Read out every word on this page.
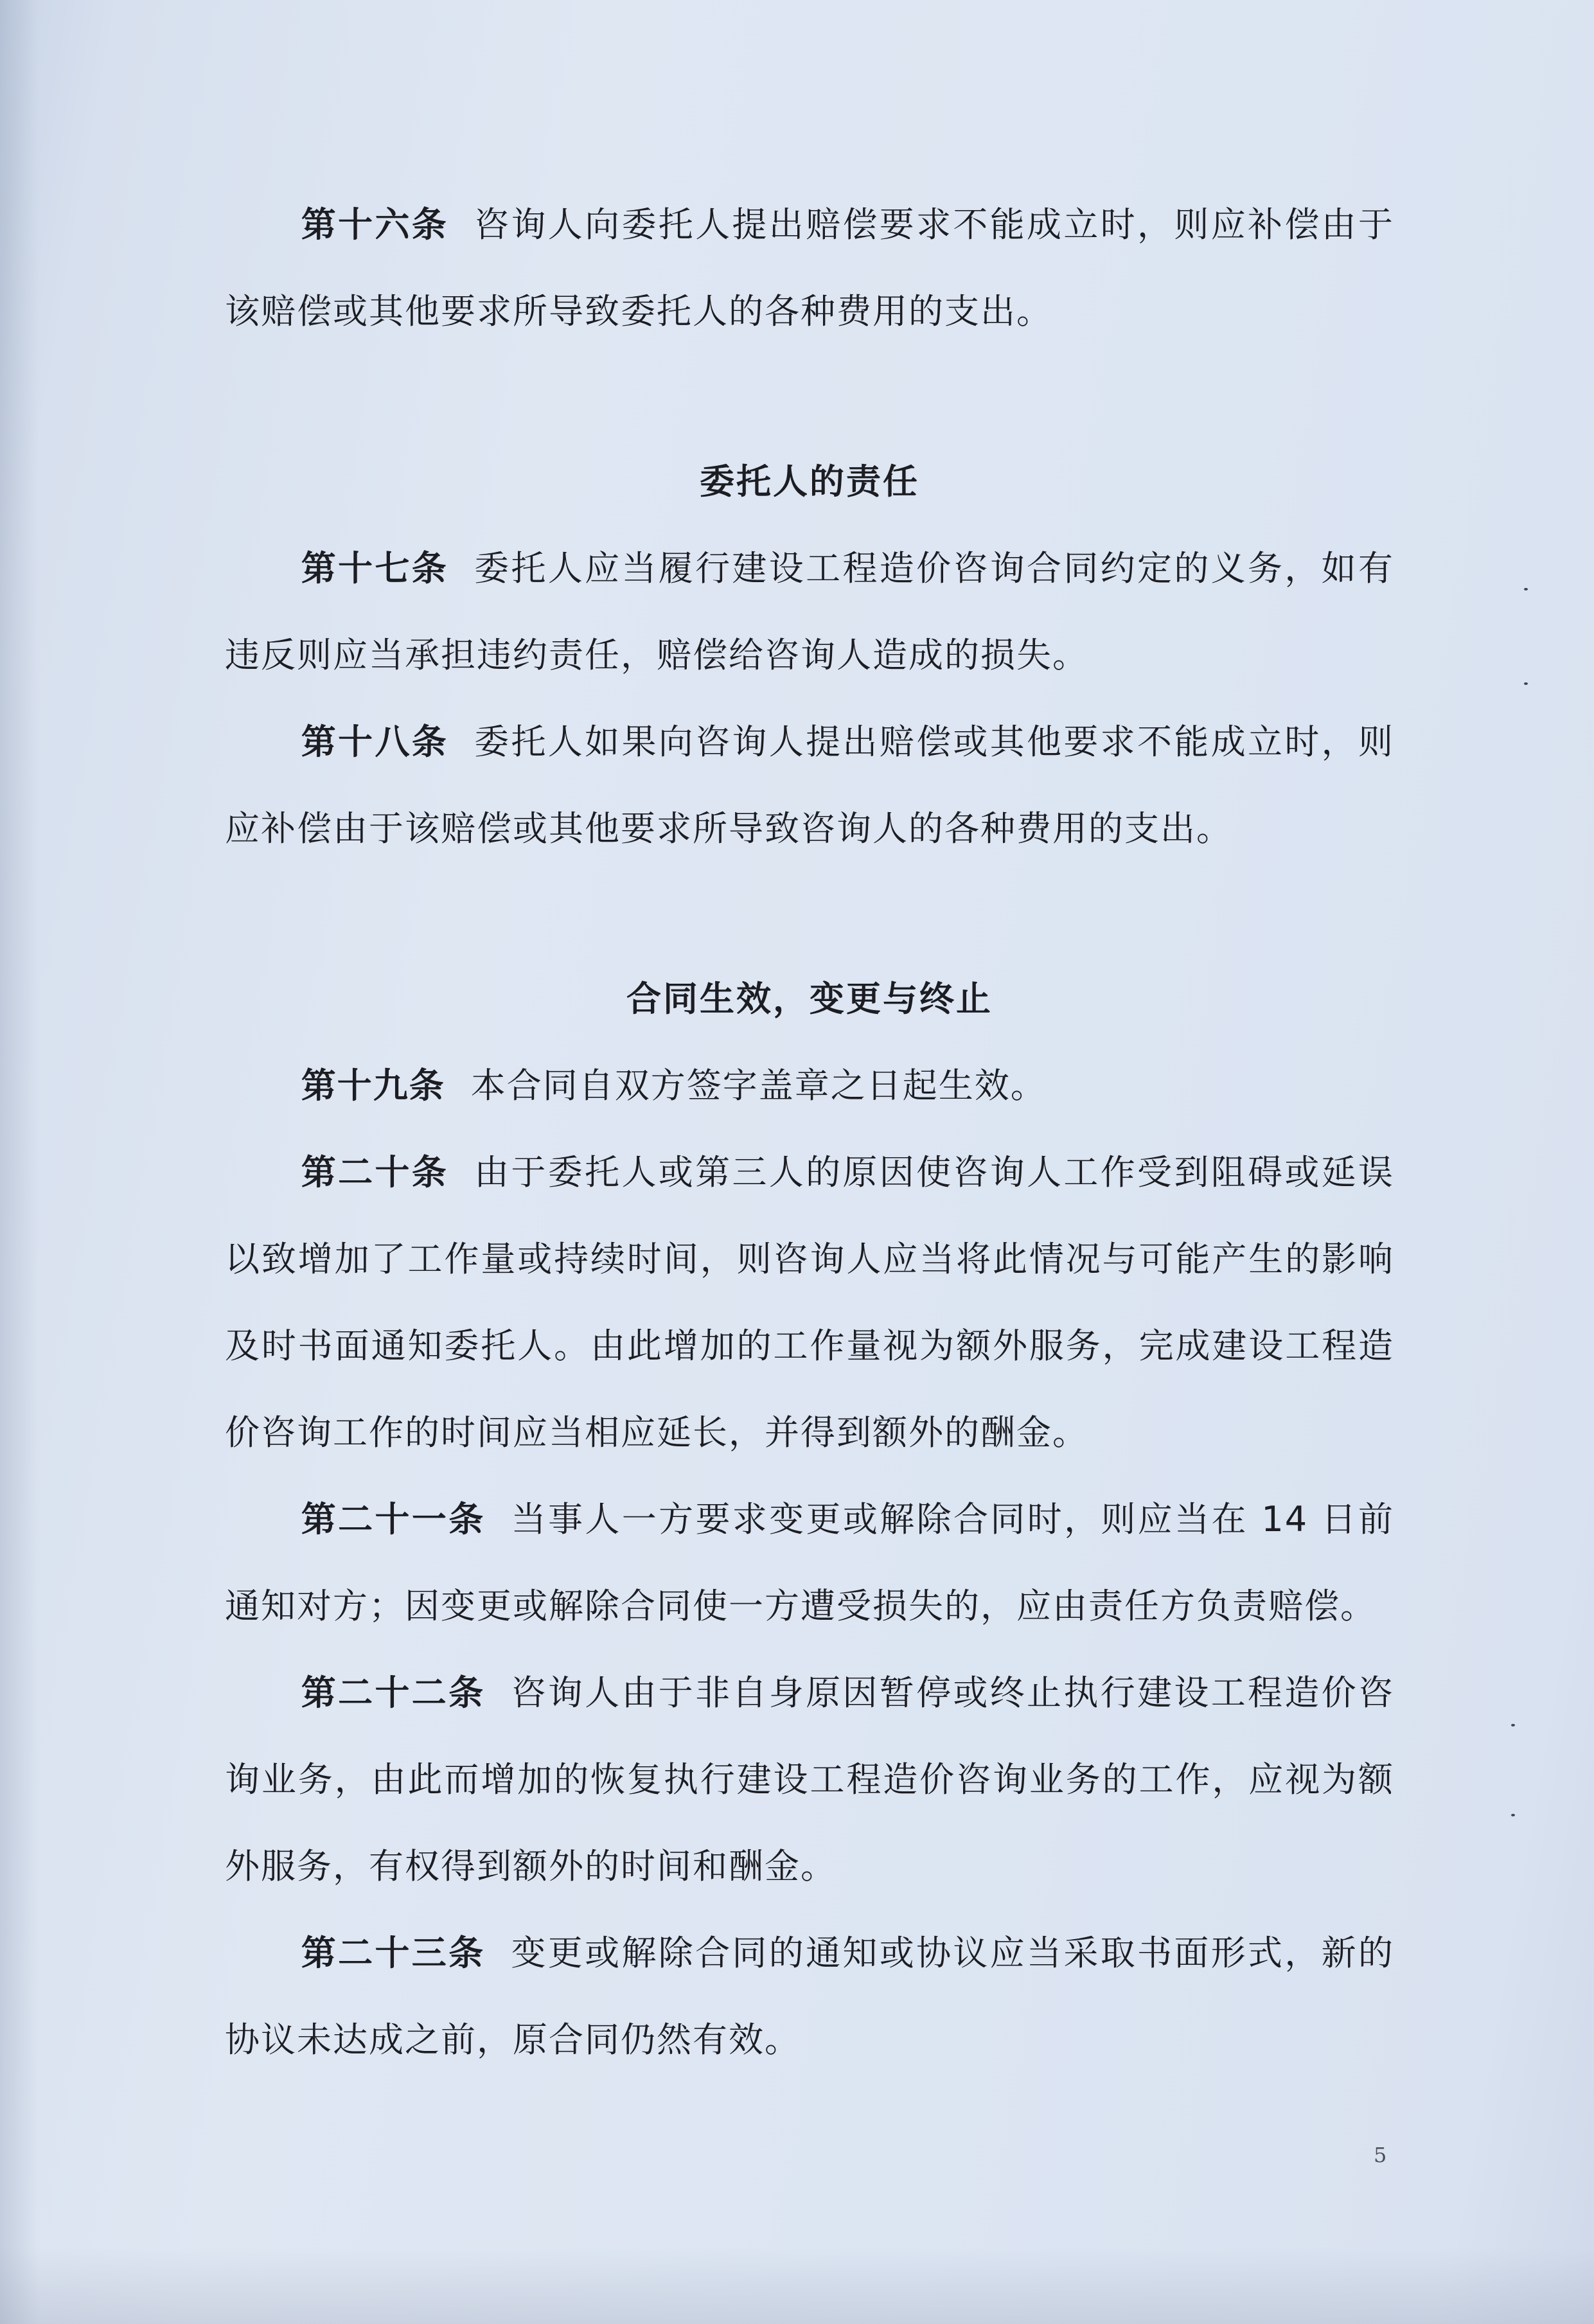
第十六条 咨询人向委托人提出赔偿要求不能成立时，则应补偿由于该赔偿或其他要求所导致委托人的各种费用的支出。

委托人的责任

第十七条 委托人应当履行建设工程造价咨询合同约定的义务，如有违反则应当承担违约责任，赔偿给咨询人造成的损失。

第十八条 委托人如果向咨询人提出赔偿或其他要求不能成立时，则应补偿由于该赔偿或其他要求所导致咨询人的各种费用的支出。

合同生效，变更与终止

第十九条 本合同自双方签字盖章之日起生效。

第二十条 由于委托人或第三人的原因使咨询人工作受到阻碍或延误以致增加了工作量或持续时间，则咨询人应当将此情况与可能产生的影响及时书面通知委托人。由此增加的工作量视为额外服务，完成建设工程造价咨询工作的时间应当相应延长，并得到额外的酬金。

第二十一条 当事人一方要求变更或解除合同时，则应当在 14 日前通知对方；因变更或解除合同使一方遭受损失的，应由责任方负责赔偿。

第二十二条 咨询人由于非自身原因暂停或终止执行建设工程造价咨询业务，由此而增加的恢复执行建设工程造价咨询业务的工作，应视为额外服务，有权得到额外的时间和酬金。

第二十三条 变更或解除合同的通知或协议应当采取书面形式，新的协议未达成之前，原合同仍然有效。

5
